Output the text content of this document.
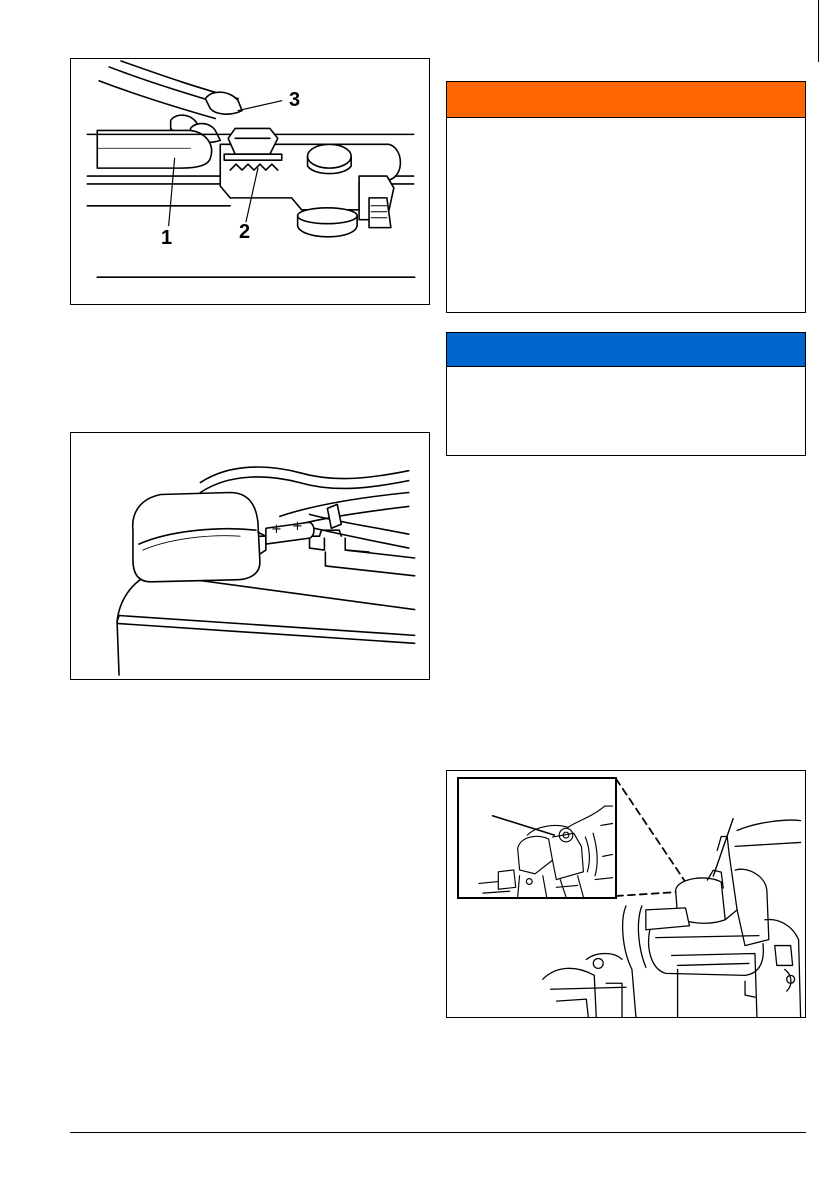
1	2
3
+ +
